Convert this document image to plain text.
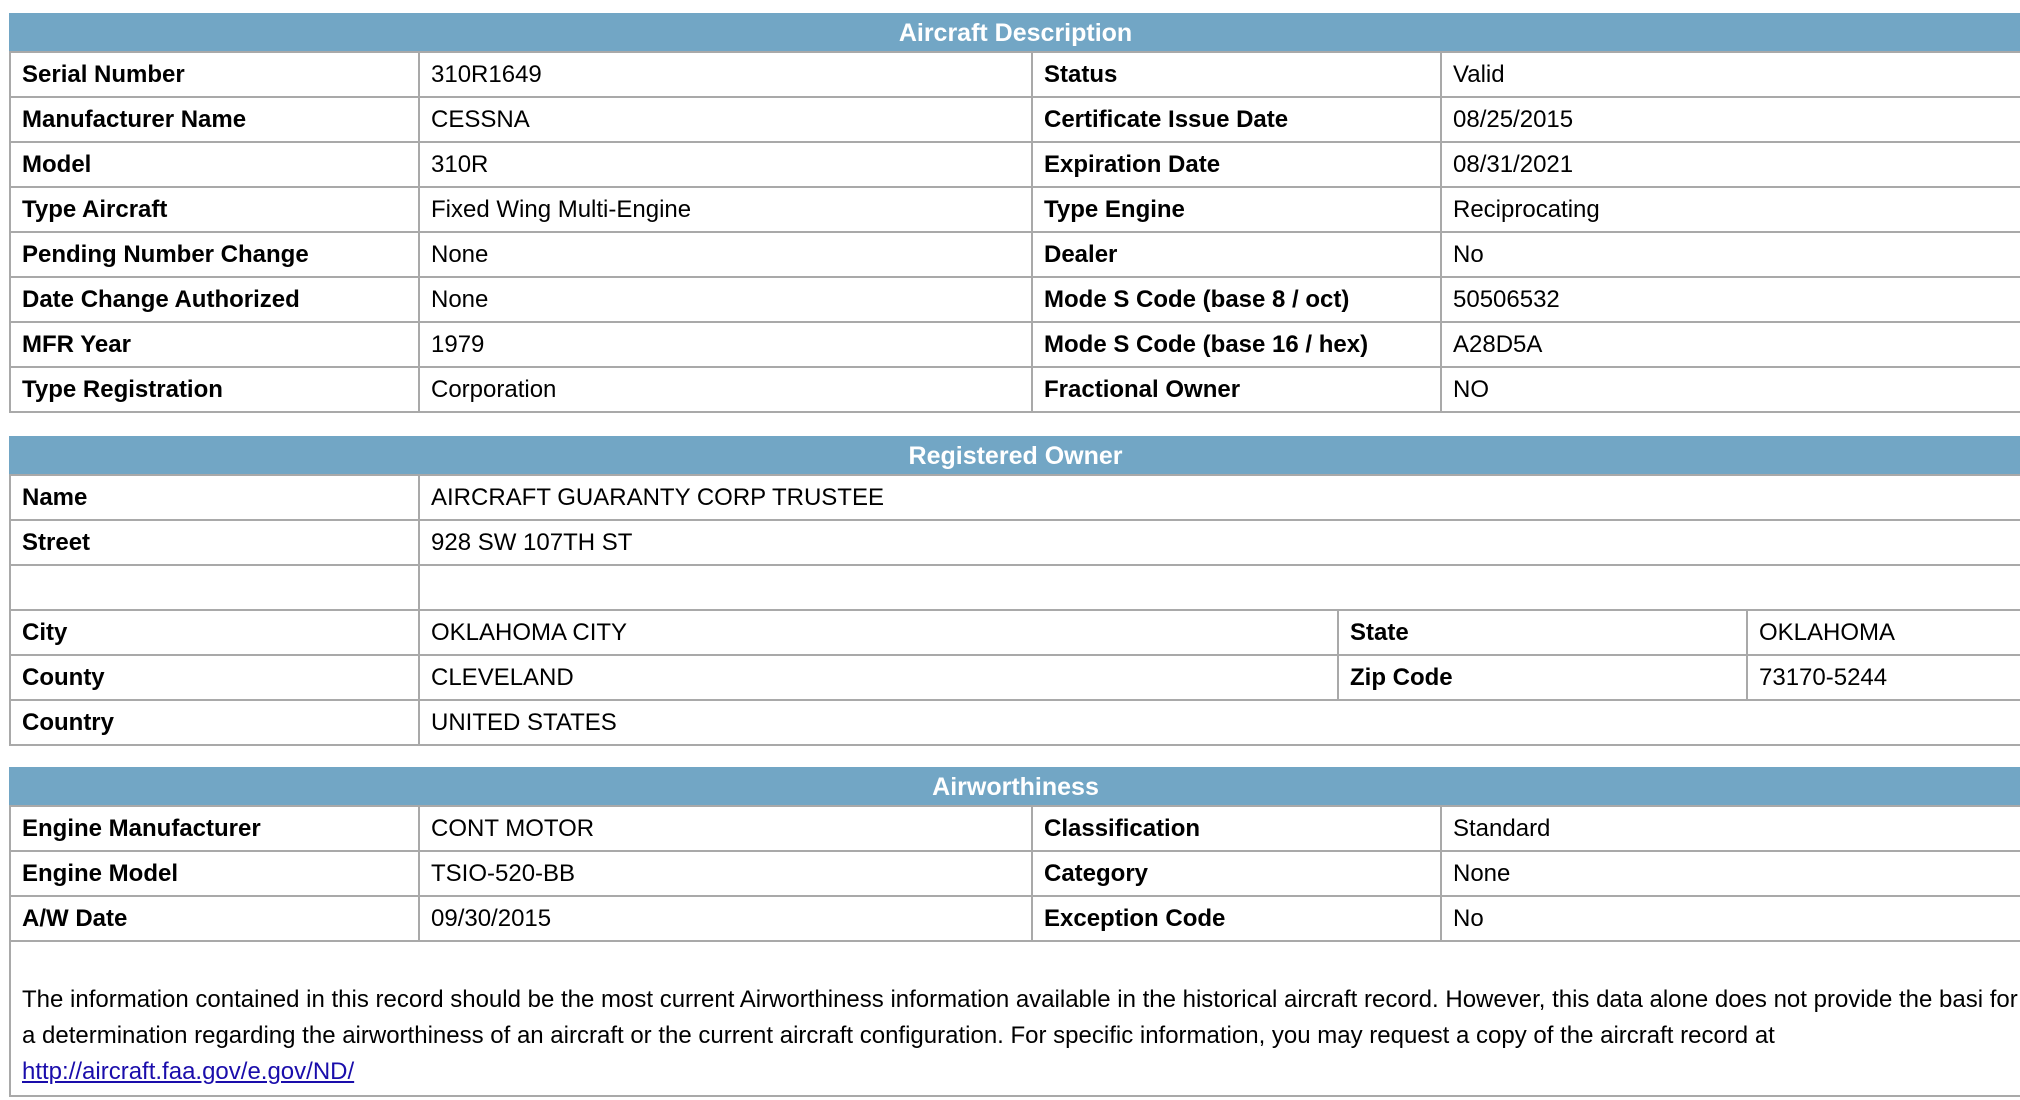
Aircraft Description			
Serial Number	310R1649	Status	Valid
Manufacturer Name	CESSNA	Certificate Issue Date	08/25/2015
Model	310R	Expiration Date	08/31/2021
Type Aircraft	Fixed Wing Multi-Engine	Type Engine	Reciprocating
Pending Number Change	None	Dealer	No
Date Change Authorized	None	Mode S Code (base 8 / oct)	50506532
MFR Year	1979	Mode S Code (base 16 / hex)	A28D5A
Type Registration	Corporation	Fractional Owner	NO
Registered Owner			
Name	AIRCRAFT GUARANTY CORP TRUSTEE		
Street	928 SW 107TH ST		

City	OKLAHOMA CITY	State	OKLAHOMA
County	CLEVELAND	Zip Code	73170-5244
Country	UNITED STATES		
Airworthiness			
Engine Manufacturer	CONT MOTOR	Classification	Standard
Engine Model	TSIO-520-BB	Category	None
A/W Date	09/30/2015	Exception Code	No

The information contained in this record should be the most current Airworthiness information available in the historical aircraft record. However, this data alone does not provide the basi for a determination regarding the airworthiness of an aircraft or the current aircraft configuration. For specific information, you may request a copy of the aircraft record at
http://aircraft.faa.gov/e.gov/ND/			
